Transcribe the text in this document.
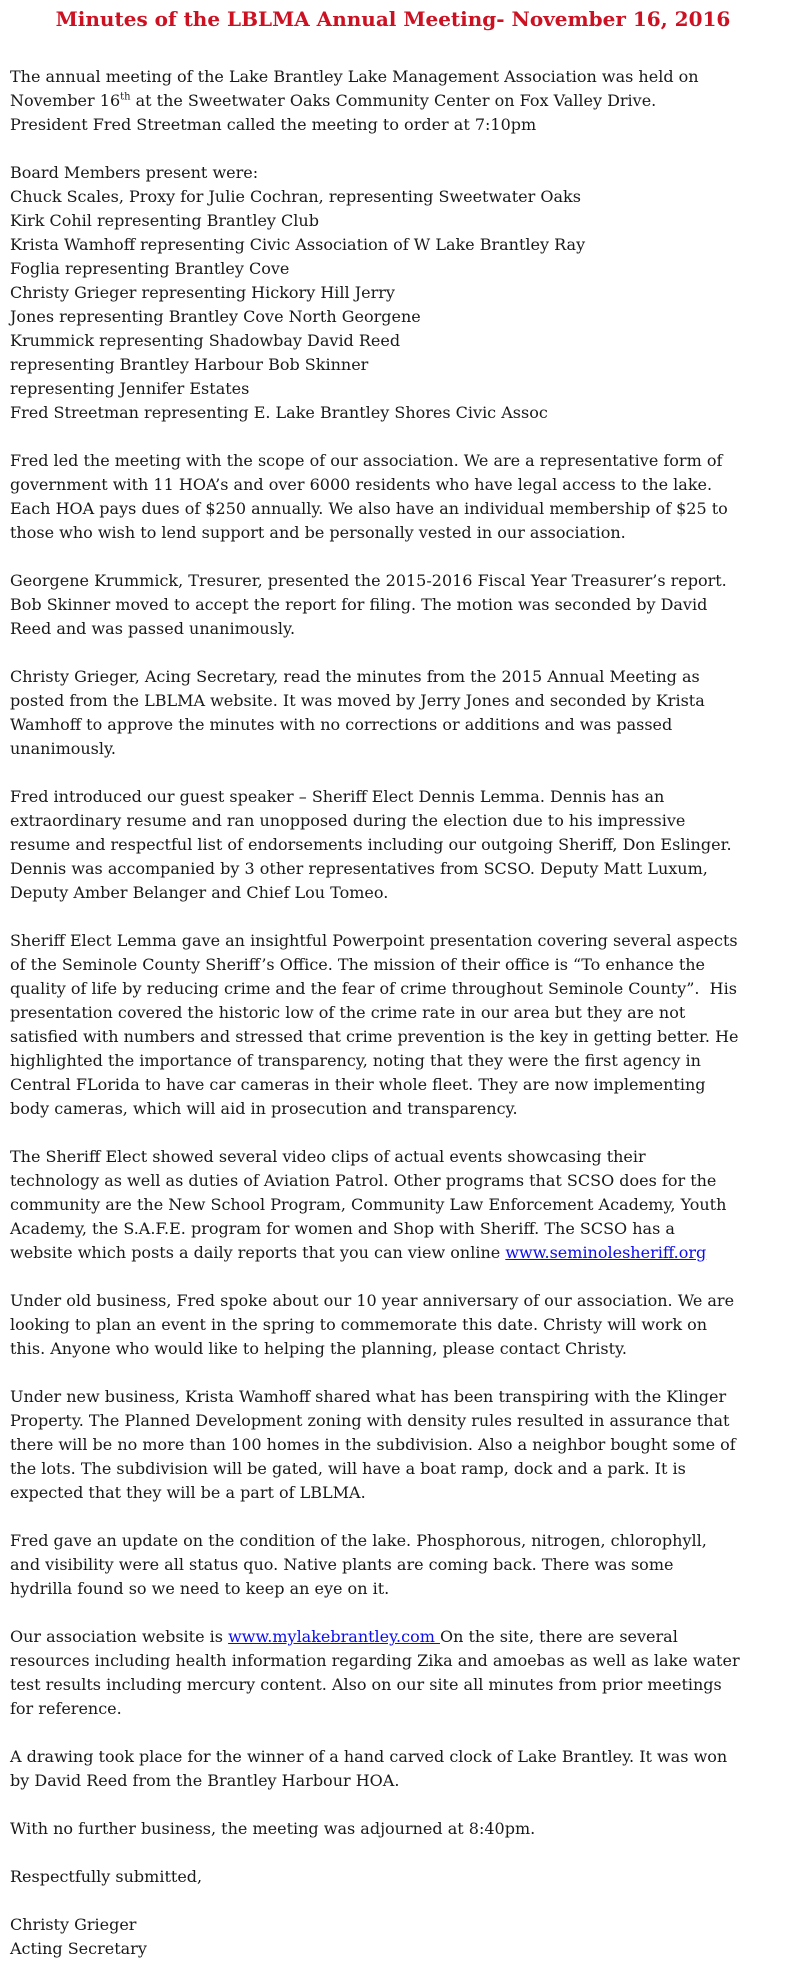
Minutes of the LBLMA Annual Meeting- November 16, 2016
The annual meeting of the Lake Brantley Lake Management Association was held on
November 16th at the Sweetwater Oaks Community Center on Fox Valley Drive.
President Fred Streetman called the meeting to order at 7:10pm
Board Members present were:
Chuck Scales, Proxy for Julie Cochran, representing Sweetwater Oaks
Kirk Cohil representing Brantley Club
Krista Wamhoff representing Civic Association of W Lake Brantley Ray
Foglia representing Brantley Cove
Christy Grieger representing Hickory Hill Jerry
Jones representing Brantley Cove North Georgene
Krummick representing Shadowbay David Reed
representing Brantley Harbour Bob Skinner
representing Jennifer Estates
Fred Streetman representing E. Lake Brantley Shores Civic Assoc
Fred led the meeting with the scope of our association. We are a representative form of
government with 11 HOA’s and over 6000 residents who have legal access to the lake.
Each HOA pays dues of $250 annually. We also have an individual membership of $25 to
those who wish to lend support and be personally vested in our association.
Georgene Krummick, Tresurer, presented the 2015-2016 Fiscal Year Treasurer’s report.
Bob Skinner moved to accept the report for filing. The motion was seconded by David
Reed and was passed unanimously.
Christy Grieger, Acing Secretary, read the minutes from the 2015 Annual Meeting as
posted from the LBLMA website. It was moved by Jerry Jones and seconded by Krista
Wamhoff to approve the minutes with no corrections or additions and was passed
unanimously.
Fred introduced our guest speaker – Sheriff Elect Dennis Lemma. Dennis has an
extraordinary resume and ran unopposed during the election due to his impressive
resume and respectful list of endorsements including our outgoing Sheriff, Don Eslinger.
Dennis was accompanied by 3 other representatives from SCSO. Deputy Matt Luxum,
Deputy Amber Belanger and Chief Lou Tomeo.
Sheriff Elect Lemma gave an insightful Powerpoint presentation covering several aspects
of the Seminole County Sheriff’s Office. The mission of their office is “To enhance the
quality of life by reducing crime and the fear of crime throughout Seminole County”.  His
presentation covered the historic low of the crime rate in our area but they are not
satisfied with numbers and stressed that crime prevention is the key in getting better. He
highlighted the importance of transparency, noting that they were the first agency in
Central FLorida to have car cameras in their whole fleet. They are now implementing
body cameras, which will aid in prosecution and transparency.
The Sheriff Elect showed several video clips of actual events showcasing their
technology as well as duties of Aviation Patrol. Other programs that SCSO does for the
community are the New School Program, Community Law Enforcement Academy, Youth
Academy, the S.A.F.E. program for women and Shop with Sheriff. The SCSO has a
website which posts a daily reports that you can view online www.seminolesheriff.org
Under old business, Fred spoke about our 10 year anniversary of our association. We are
looking to plan an event in the spring to commemorate this date. Christy will work on
this. Anyone who would like to helping the planning, please contact Christy.
Under new business, Krista Wamhoff shared what has been transpiring with the Klinger
Property. The Planned Development zoning with density rules resulted in assurance that
there will be no more than 100 homes in the subdivision. Also a neighbor bought some of
the lots. The subdivision will be gated, will have a boat ramp, dock and a park. It is
expected that they will be a part of LBLMA.
Fred gave an update on the condition of the lake. Phosphorous, nitrogen, chlorophyll,
and visibility were all status quo. Native plants are coming back. There was some
hydrilla found so we need to keep an eye on it.
Our association website is www.mylakebrantley.com On the site, there are several
resources including health information regarding Zika and amoebas as well as lake water
test results including mercury content. Also on our site all minutes from prior meetings
for reference.
A drawing took place for the winner of a hand carved clock of Lake Brantley. It was won
by David Reed from the Brantley Harbour HOA.
With no further business, the meeting was adjourned at 8:40pm.
Respectfully submitted,
Christy Grieger
Acting Secretary
